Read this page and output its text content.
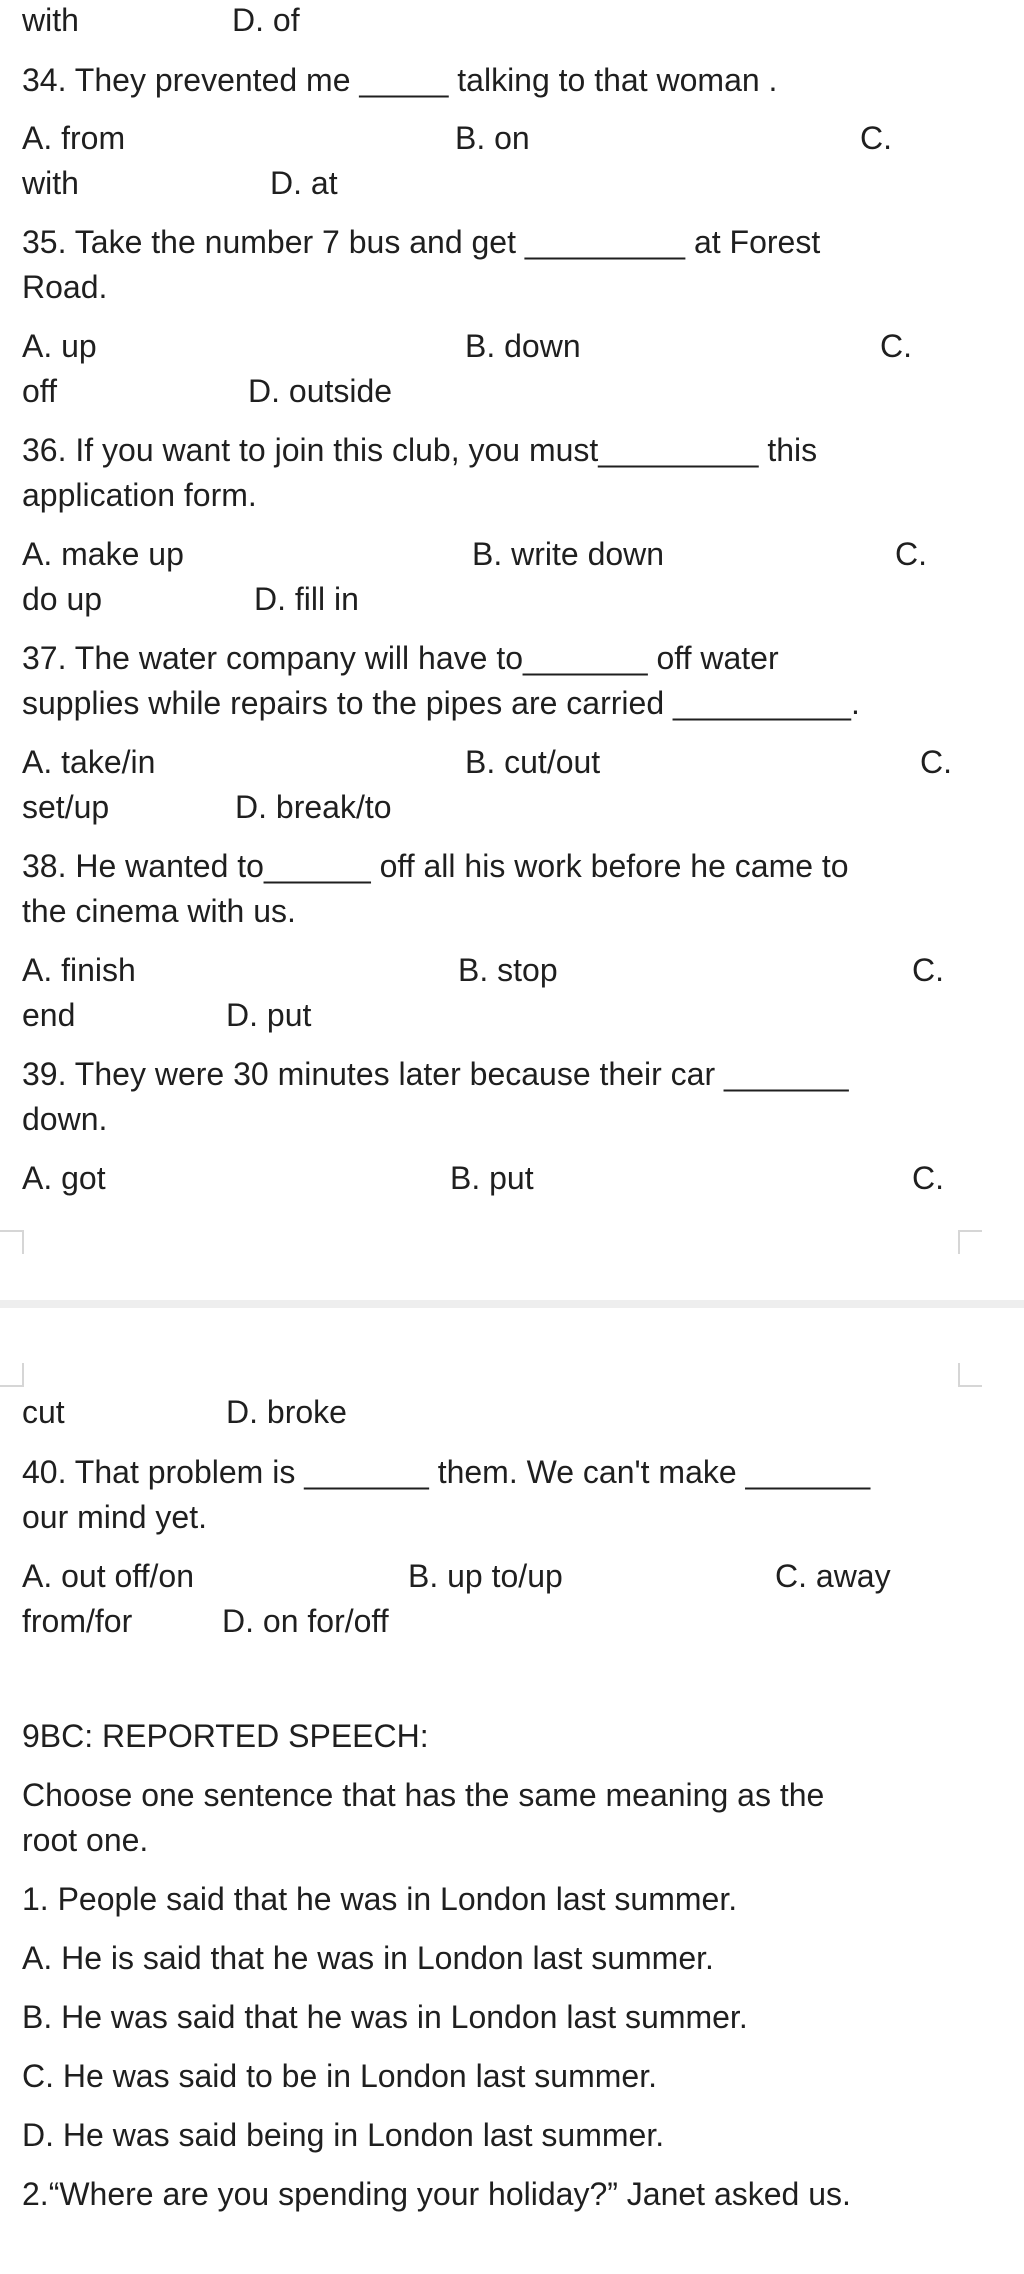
with	D. of
34. They prevented me _____ talking to that woman .
A. from	B. on	C.
with	D. at
35. Take the number 7 bus and get _________ at Forest
Road.
A. up	B. down	C.
off	D. outside
36. If you want to join this club, you must_________ this
application form.
A. make up	B. write down	C.
do up	D. fill in
37. The water company will have to_______ off water
supplies while repairs to the pipes are carried __________.
A. take/in	B. cut/out	C.
set/up	D. break/to
38. He wanted to______ off all his work before he came to
the cinema with us.
A. finish	B. stop	C.
end	D. put
39. They were 30 minutes later because their car _______
down.
A. got	B. put	C.
cut	D. broke
40. That problem is _______ them. We can't make _______
our mind yet.
A. out off/on	B. up to/up	C. away
from/for	D. on for/off
9BC: REPORTED SPEECH:
Choose one sentence that has the same meaning as the
root one.
1. People said that he was in London last summer.
A. He is said that he was in London last summer.
B. He was said that he was in London last summer.
C. He was said to be in London last summer.
D. He was said being in London last summer.
2.“Where are you spending your holiday?” Janet asked us.
